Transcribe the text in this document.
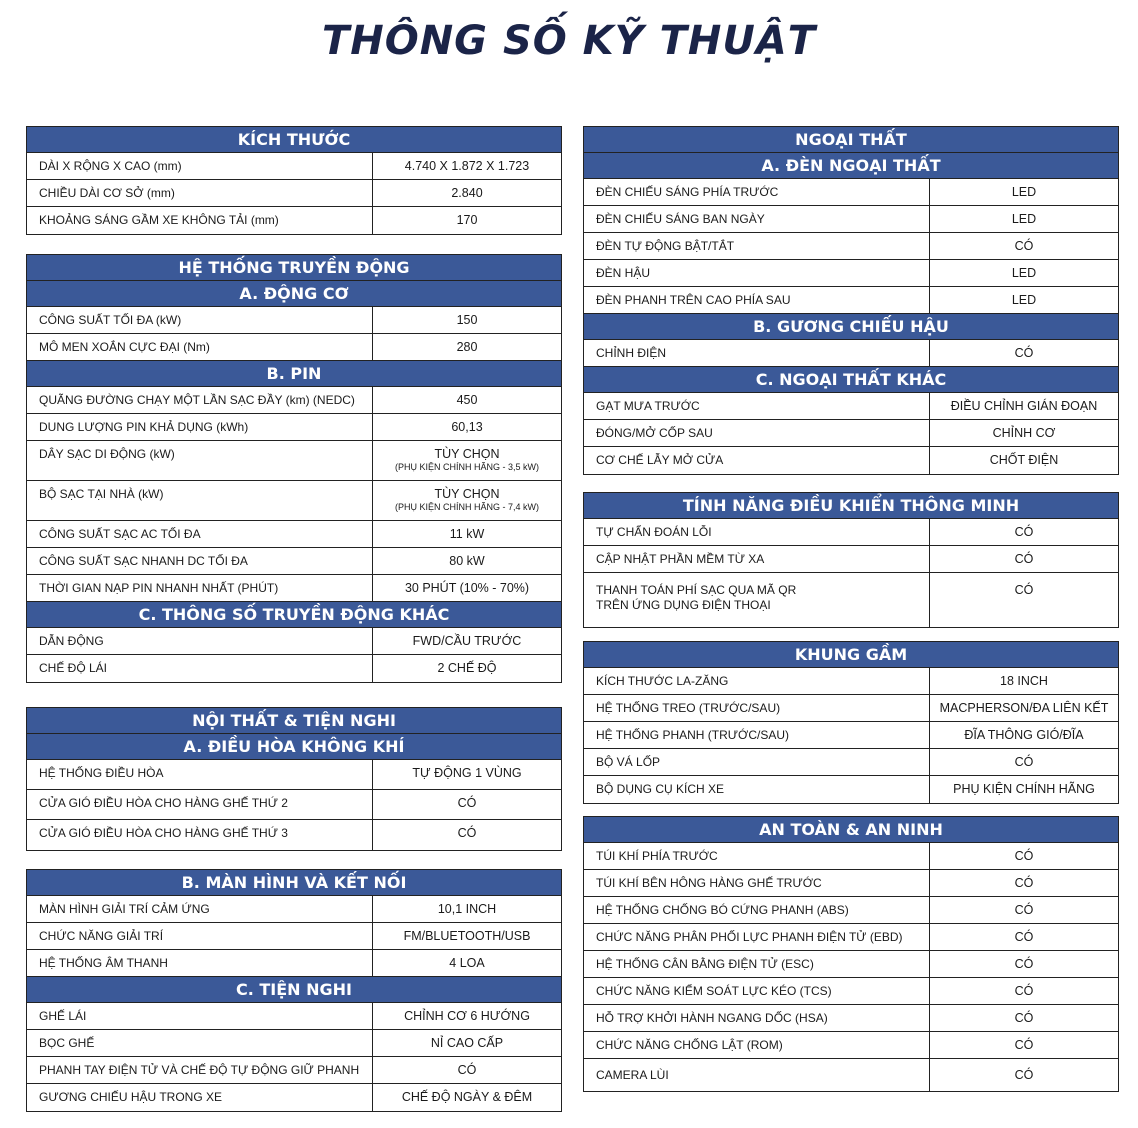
THÔNG SỐ KỸ THUẬT
KÍCH THƯỚC
DÀI X RỘNG X CAO (mm)	4.740 X 1.872 X 1.723
CHIỀU DÀI CƠ SỞ (mm)	2.840
KHOẢNG SÁNG GẦM XE KHÔNG TẢI (mm)	170
HỆ THỐNG TRUYỀN ĐỘNG
A. ĐỘNG CƠ
CÔNG SUẤT TỐI ĐA (kW)	150
MÔ MEN XOẮN CỰC ĐẠI (Nm)	280
B. PIN
QUÃNG ĐƯỜNG CHẠY MỘT LẦN SẠC ĐẦY (km) (NEDC)	450
DUNG LƯỢNG PIN KHẢ DỤNG (kWh)	60,13
DÂY SẠC DI ĐỘNG (kW)	TÙY CHỌN
(PHỤ KIỆN CHÍNH HÃNG - 3,5 kW)
BỘ SẠC TẠI NHÀ (kW)	TÙY CHỌN
(PHỤ KIỆN CHÍNH HÃNG - 7,4 kW)
CÔNG SUẤT SẠC AC TỐI ĐA	11 kW
CÔNG SUẤT SẠC NHANH DC TỐI ĐA	80 kW
THỜI GIAN NẠP PIN NHANH NHẤT (PHÚT)	30 PHÚT (10% - 70%)
C. THÔNG SỐ TRUYỀN ĐỘNG KHÁC
DẪN ĐỘNG	FWD/CẦU TRƯỚC
CHẾ ĐỘ LÁI	2 CHẾ ĐỘ
NỘI THẤT & TIỆN NGHI
A. ĐIỀU HÒA KHÔNG KHÍ
HỆ THỐNG ĐIỀU HÒA	TỰ ĐỘNG 1 VÙNG
CỬA GIÓ ĐIỀU HÒA CHO HÀNG GHẾ THỨ 2	CÓ
CỬA GIÓ ĐIỀU HÒA CHO HÀNG GHẾ THỨ 3	CÓ
B. MÀN HÌNH VÀ KẾT NỐI
MÀN HÌNH GIẢI TRÍ CẢM ỨNG	10,1 INCH
CHỨC NĂNG GIẢI TRÍ	FM/BLUETOOTH/USB
HỆ THỐNG ÂM THANH	4 LOA
C. TIỆN NGHI
GHẾ LÁI	CHỈNH CƠ 6 HƯỚNG
BỌC GHẾ	NỈ CAO CẤP
PHANH TAY ĐIỆN TỬ VÀ CHẾ ĐỘ TỰ ĐỘNG GIỮ PHANH	CÓ
GƯƠNG CHIẾU HẬU TRONG XE	CHẾ ĐỘ NGÀY & ĐÊM
NGOẠI THẤT
A. ĐÈN NGOẠI THẤT
ĐÈN CHIẾU SÁNG PHÍA TRƯỚC	LED
ĐÈN CHIẾU SÁNG BAN NGÀY	LED
ĐÈN TỰ ĐỘNG BẬT/TẮT	CÓ
ĐÈN HẬU	LED
ĐÈN PHANH TRÊN CAO PHÍA SAU	LED
B. GƯƠNG CHIẾU HẬU
CHỈNH ĐIỆN	CÓ
C. NGOẠI THẤT KHÁC
GẠT MƯA TRƯỚC	ĐIỀU CHỈNH GIÁN ĐOẠN
ĐÓNG/MỞ CỐP SAU	CHỈNH CƠ
CƠ CHẾ LẪY MỞ CỬA	CHỐT ĐIỆN
TÍNH NĂNG ĐIỀU KHIỂN THÔNG MINH
TỰ CHẨN ĐOÁN LỖI	CÓ
CẬP NHẬT PHẦN MỀM TỪ XA	CÓ
THANH TOÁN PHÍ SẠC QUA MÃ QR
TRÊN ỨNG DỤNG ĐIỆN THOẠI
CÓ
KHUNG GẦM
KÍCH THƯỚC LA-ZĂNG	18 INCH
HỆ THỐNG TREO (TRƯỚC/SAU)	MACPHERSON/ĐA LIÊN KẾT
HỆ THỐNG PHANH (TRƯỚC/SAU)	ĐĨA THÔNG GIÓ/ĐĨA
BỘ VÁ LỐP	CÓ
BỘ DỤNG CỤ KÍCH XE	PHỤ KIỆN CHÍNH HÃNG
AN TOÀN & AN NINH
TÚI KHÍ PHÍA TRƯỚC	CÓ
TÚI KHÍ BÊN HÔNG HÀNG GHẾ TRƯỚC	CÓ
HỆ THỐNG CHỐNG BÓ CỨNG PHANH (ABS)	CÓ
CHỨC NĂNG PHÂN PHỐI LỰC PHANH ĐIỆN TỬ (EBD)	CÓ
HỆ THỐNG CÂN BẰNG ĐIỆN TỬ (ESC)	CÓ
CHỨC NĂNG KIỂM SOÁT LỰC KÉO (TCS)	CÓ
HỖ TRỢ KHỞI HÀNH NGANG DỐC (HSA)	CÓ
CHỨC NĂNG CHỐNG LẬT (ROM)	CÓ
CAMERA LÙI	CÓ
